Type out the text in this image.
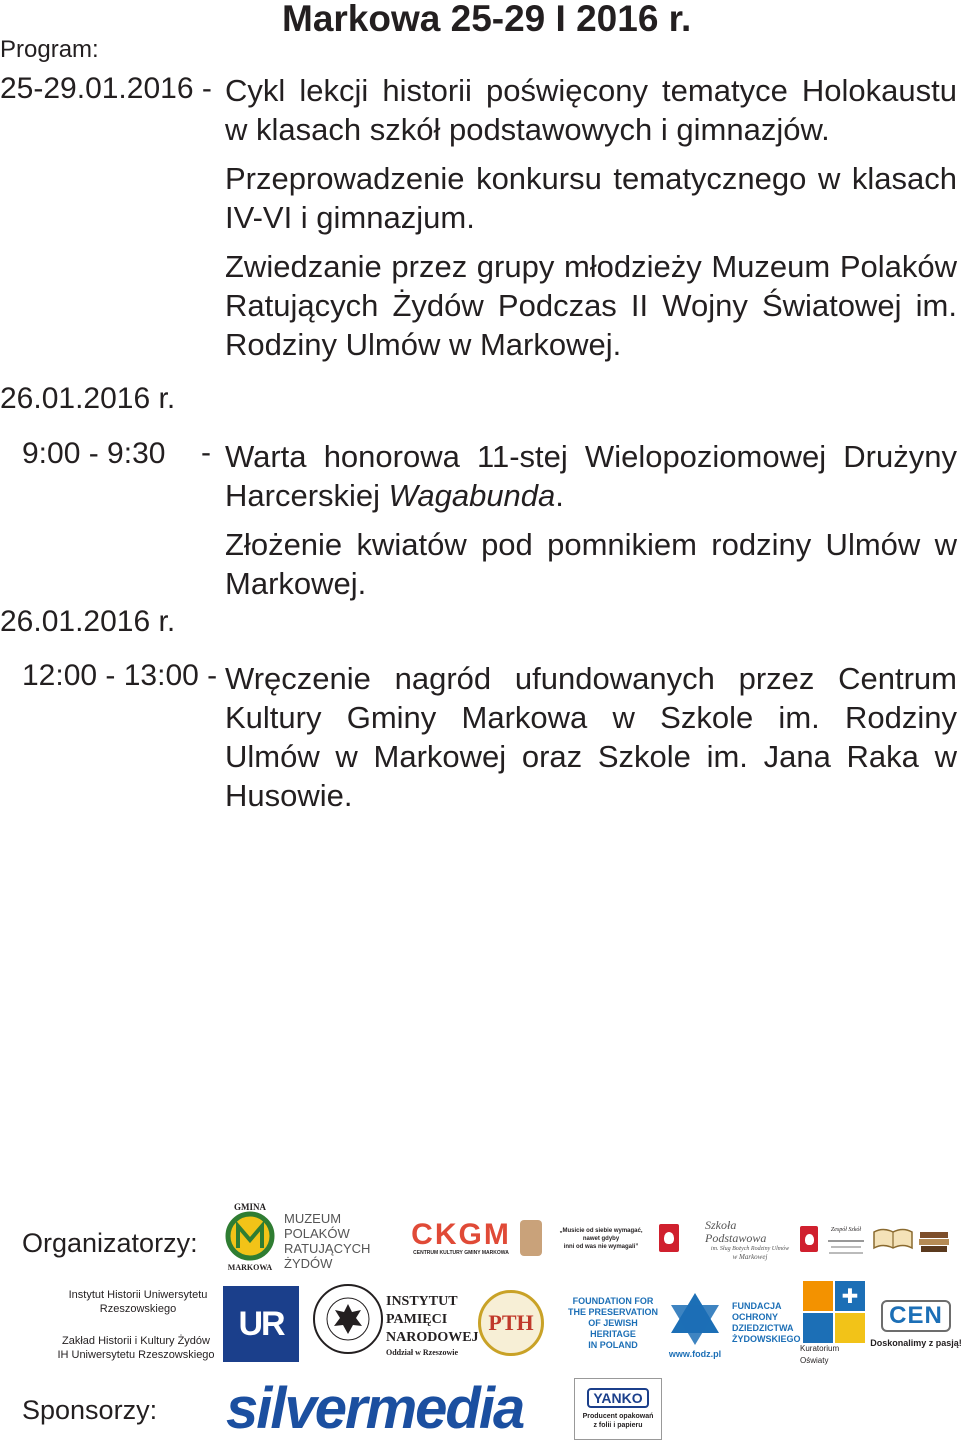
Markowa 25-29 I 2016 r.
Program:
25-29.01.2016 - Cykl lekcji historii poświęcony tematyce Holokaustu w klasach szkół podstawowych i gimnazjów.
Przeprowadzenie konkursu tematycznego w klasach IV-VI i gimnazjum.
Zwiedzanie przez grupy młodzieży Muzeum Polaków Ratujących Żydów Podczas II Wojny Światowej im. Rodziny Ulmów w Markowej.
26.01.2016 r.
9:00 - 9:30 - Warta honorowa 11-stej Wielopoziomowej Drużyny Harcerskiej Wagabunda.
Złożenie kwiatów pod pomnikiem rodziny Ulmów w Markowej.
26.01.2016 r.
12:00 - 13:00 - Wręczenie nagród ufundowanych przez Centrum Kultury Gminy Markowa w Szkole im. Rodziny Ulmów w Markowej oraz Szkole im. Jana Raka w Husowie.
Organizatorzy:
GMINA
MARKOWA
MUZEUM POLAKÓW
RATUJĄCYCH ŻYDÓW
CKGM
CENTRUM KULTURY GMINY MARKOWA
„Musicie od siebie wymagać,
nawet gdyby
inni od was nie wymagali”
Szkoła Podstawowa
im. Sług Bożych Rodziny Ulmów
w Markowej
Zespół Szkół
Instytut Historii Uniwersytetu Rzeszowskiego
Zakład Historii i Kultury Żydów IH Uniwersytetu Rzeszowskiego
UR
INSTYTUT
PAMIĘCI
NARODOWEJ
Oddział w Rzeszowie
PTH
FOUNDATION FOR
THE PRESERVATION
OF JEWISH HERITAGE
IN POLAND
www.fodz.pl
FUNDACJA
OCHRONY
DZIEDZICTWA
ŻYDOWSKIEGO
✚
Kuratorium Oświaty
CEN
Doskonalimy z pasją!
Sponsorzy: silvermedia	YANKO
Producent opakowań
z folii i papieru
